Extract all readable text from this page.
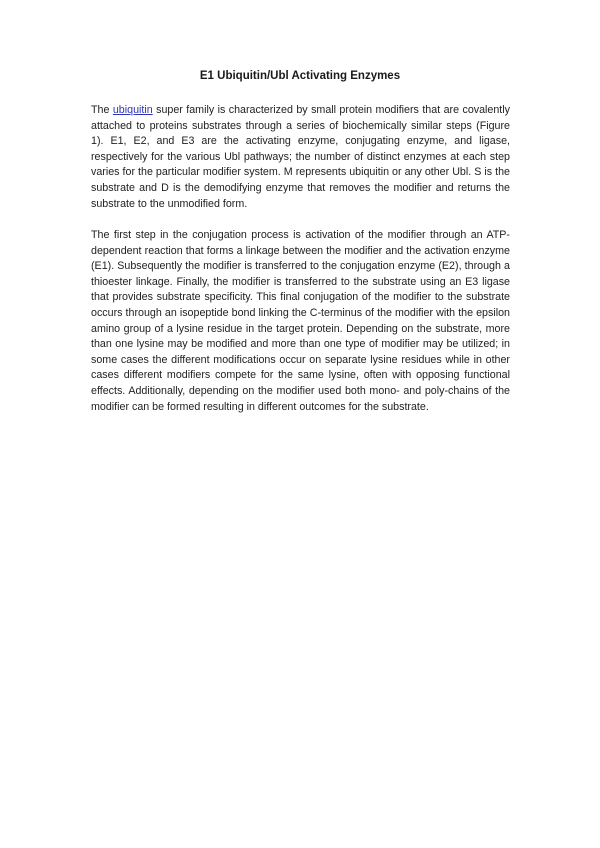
E1 Ubiquitin/Ubl Activating Enzymes

The ubiquitin super family is characterized by small protein modifiers that are covalently attached to proteins substrates through a series of biochemically similar steps (Figure 1). E1, E2, and E3 are the activating enzyme, conjugating enzyme, and ligase, respectively for the various Ubl pathways; the number of distinct enzymes at each step varies for the particular modifier system. M represents ubiquitin or any other Ubl. S is the substrate and D is the demodifying enzyme that removes the modifier and returns the substrate to the unmodified form.

The first step in the conjugation process is activation of the modifier through an ATP-dependent reaction that forms a linkage between the modifier and the activation enzyme (E1). Subsequently the modifier is transferred to the conjugation enzyme (E2), through a thioester linkage. Finally, the modifier is transferred to the substrate using an E3 ligase that provides substrate specificity. This final conjugation of the modifier to the substrate occurs through an isopeptide bond linking the C-terminus of the modifier with the epsilon amino group of a lysine residue in the target protein. Depending on the substrate, more than one lysine may be modified and more than one type of modifier may be utilized; in some cases the different modifications occur on separate lysine residues while in other cases different modifiers compete for the same lysine, often with opposing functional effects. Additionally, depending on the modifier used both mono- and poly-chains of the modifier can be formed resulting in different outcomes for the substrate.
